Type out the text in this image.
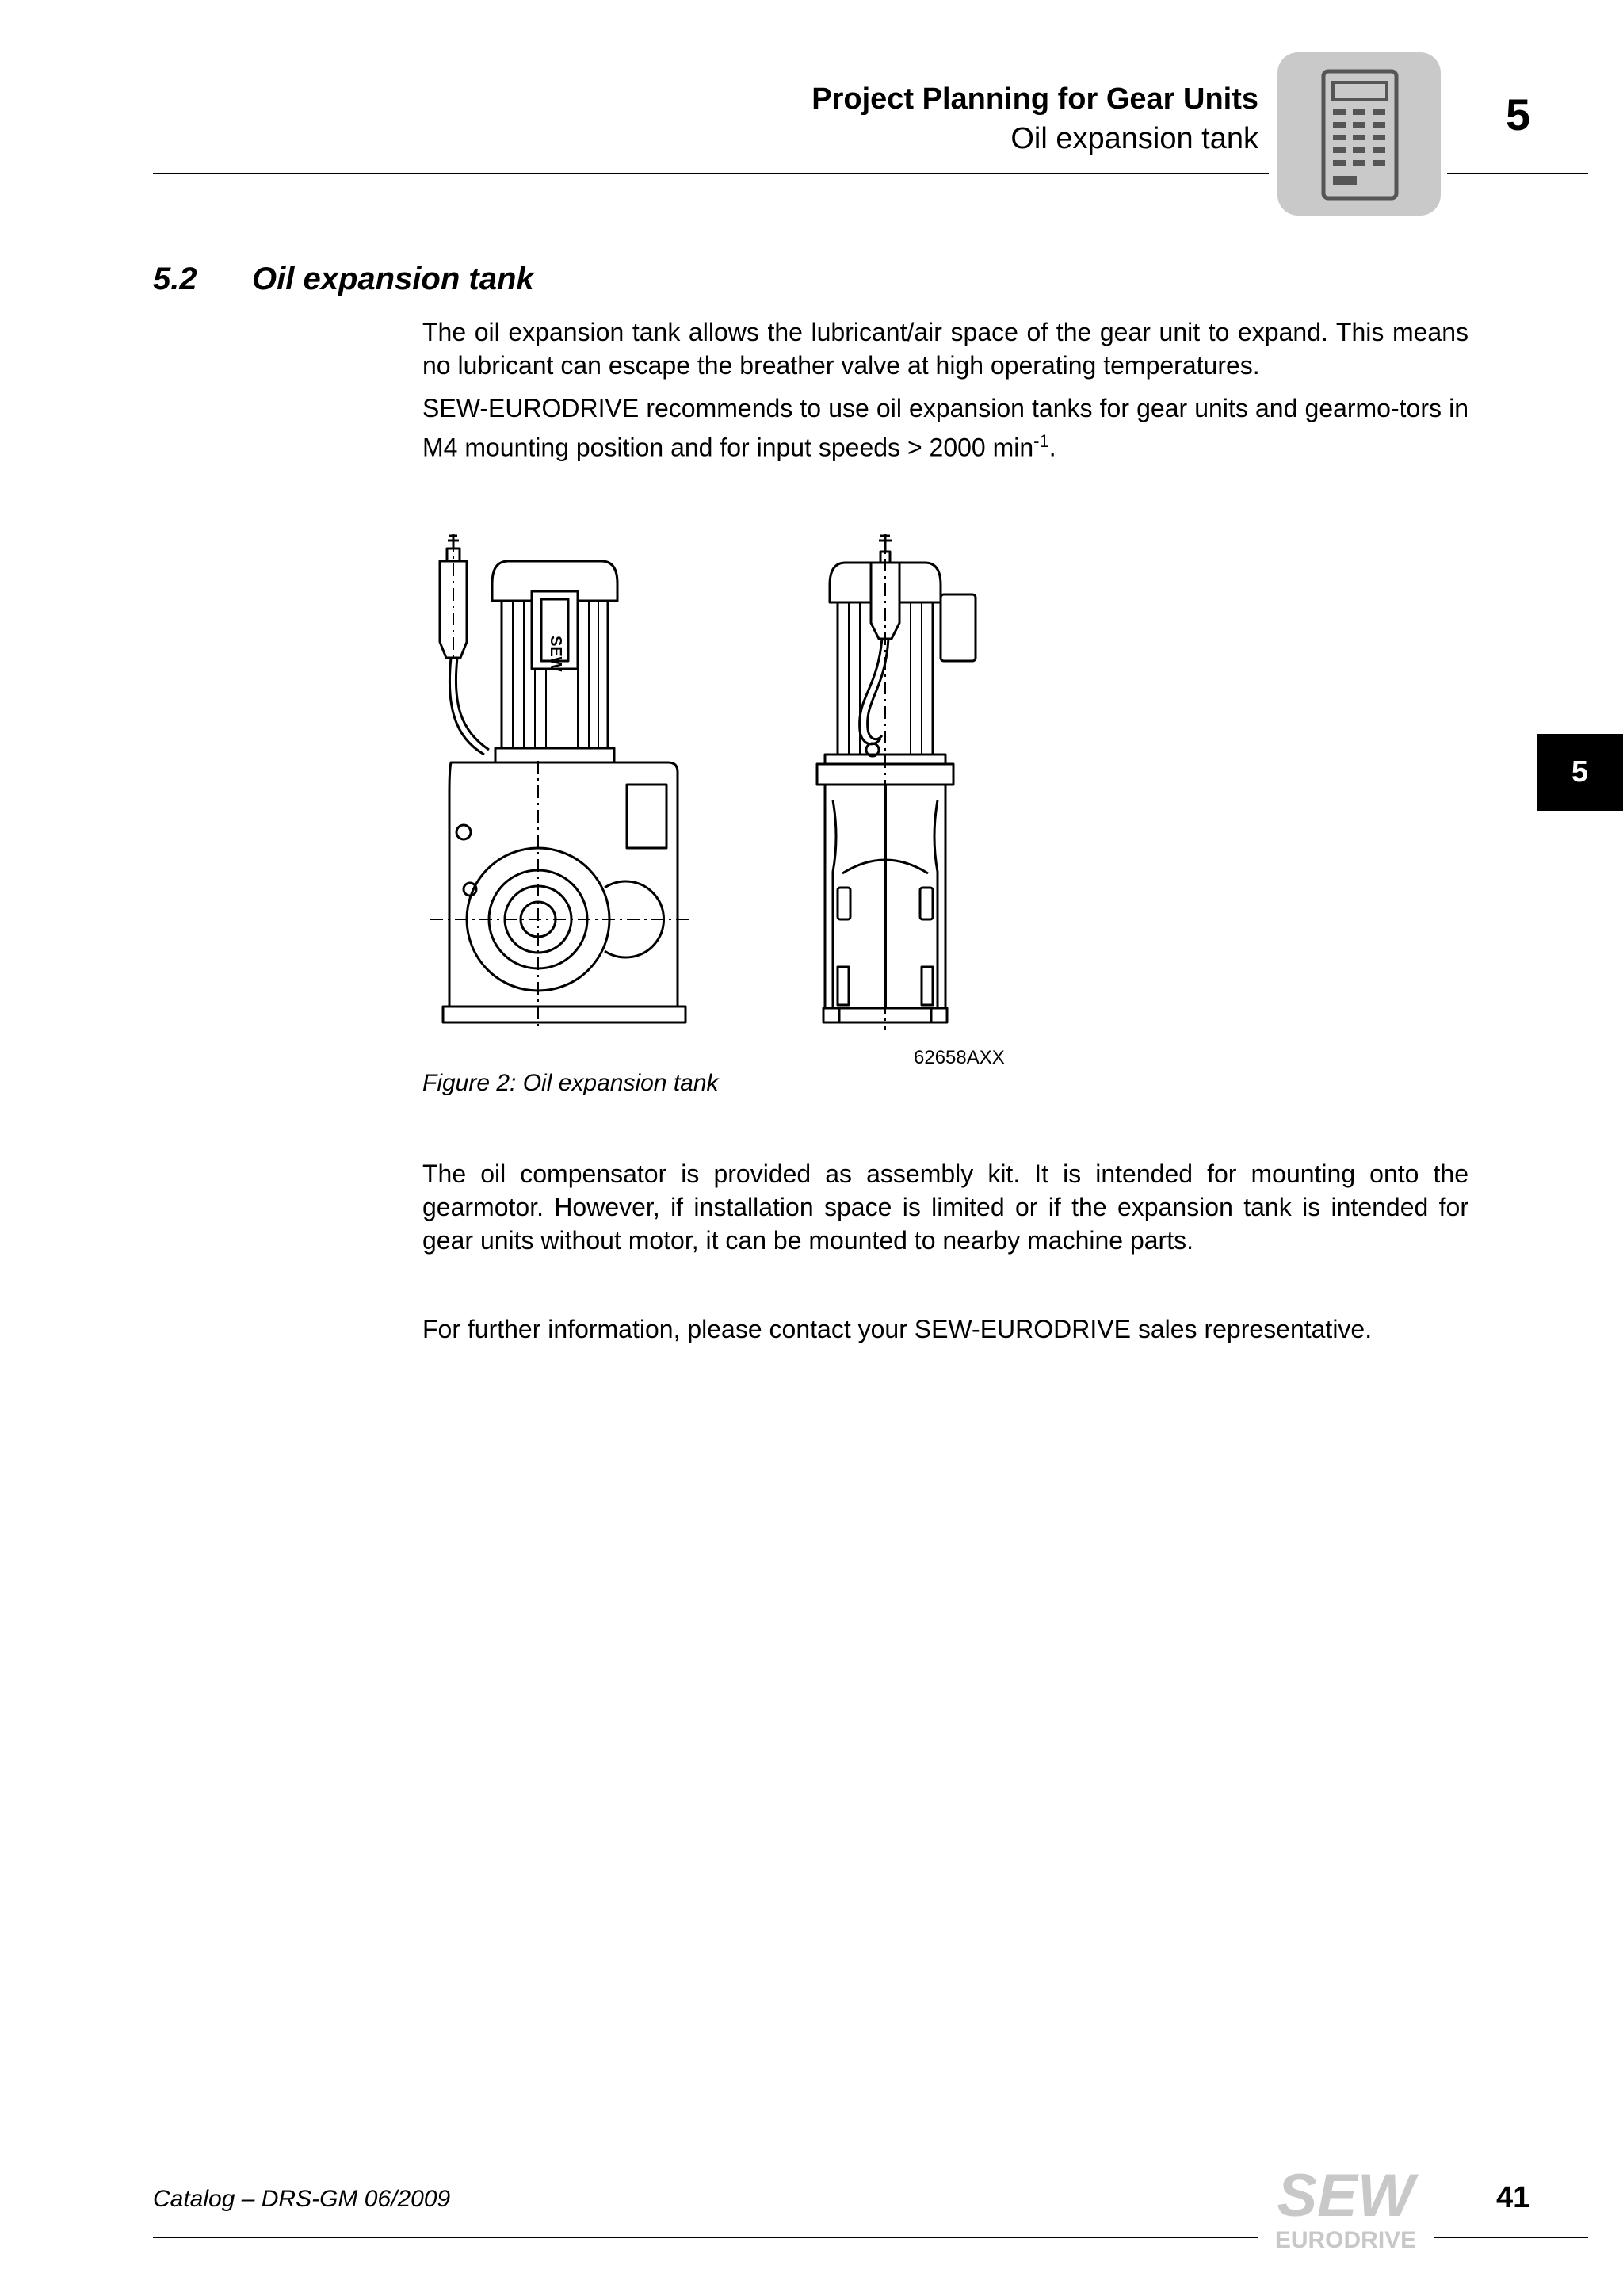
Project Planning for Gear Units
Oil expansion tank	5
5
5.2 Oil expansion tank
The oil expansion tank allows the lubricant/air space of the gear unit to expand. This means no lubricant can escape the breather valve at high operating temperatures.
SEW-EURODRIVE recommends to use oil expansion tanks for gear units and gearmo-tors in M4 mounting position and for input speeds > 2000 $\min^{-1}$.
SEW
62658AXX
Figure 2: Oil expansion tank
The oil compensator is provided as assembly kit. It is intended for mounting onto the gearmotor. However, if installation space is limited or if the expansion tank is intended for gear units without motor, it can be mounted to nearby machine parts.
For further information, please contact your SEW-EURODRIVE sales representative.
Catalog – DRS-GM 06/2009	SEW
EURODRIVE
41
